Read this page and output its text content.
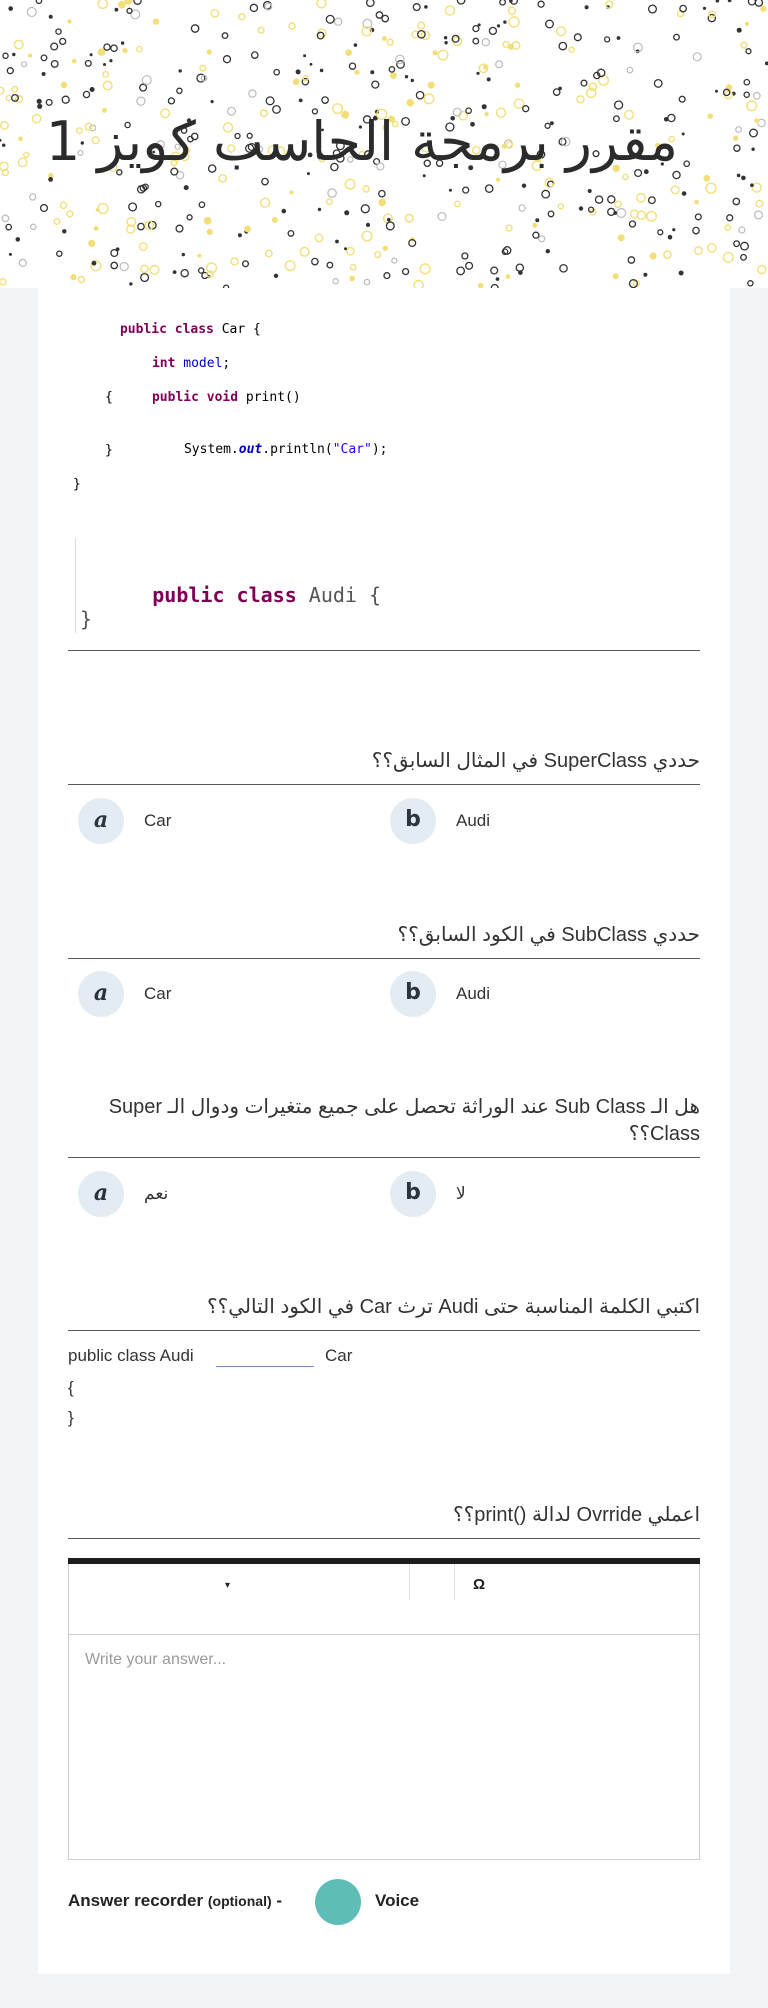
مقرر برمجة الحاسب كويز 1

public class Car {

int model;

public void print()

{

System.out.println("Car");

}
}

public class Audi {

}
حددي SuperClass في المثال السابق؟؟
a	Car	b	Audi
حددي SubClass في الكود السابق؟؟
a	Car	b	Audi
هل الـ Sub Class عند الوراثة تحصل على جميع متغيرات ودوال الـ Super Class؟؟
a	نعم	b	لا
اكتبي الكلمة المناسبة حتى Audi ترث Car في الكود التالي؟؟
public class Audi	Car
{
}
اعملي Ovrride لدالة ()print؟؟
▾	Ω
Write your answer...
Answer recorder (optional) -	Voice
